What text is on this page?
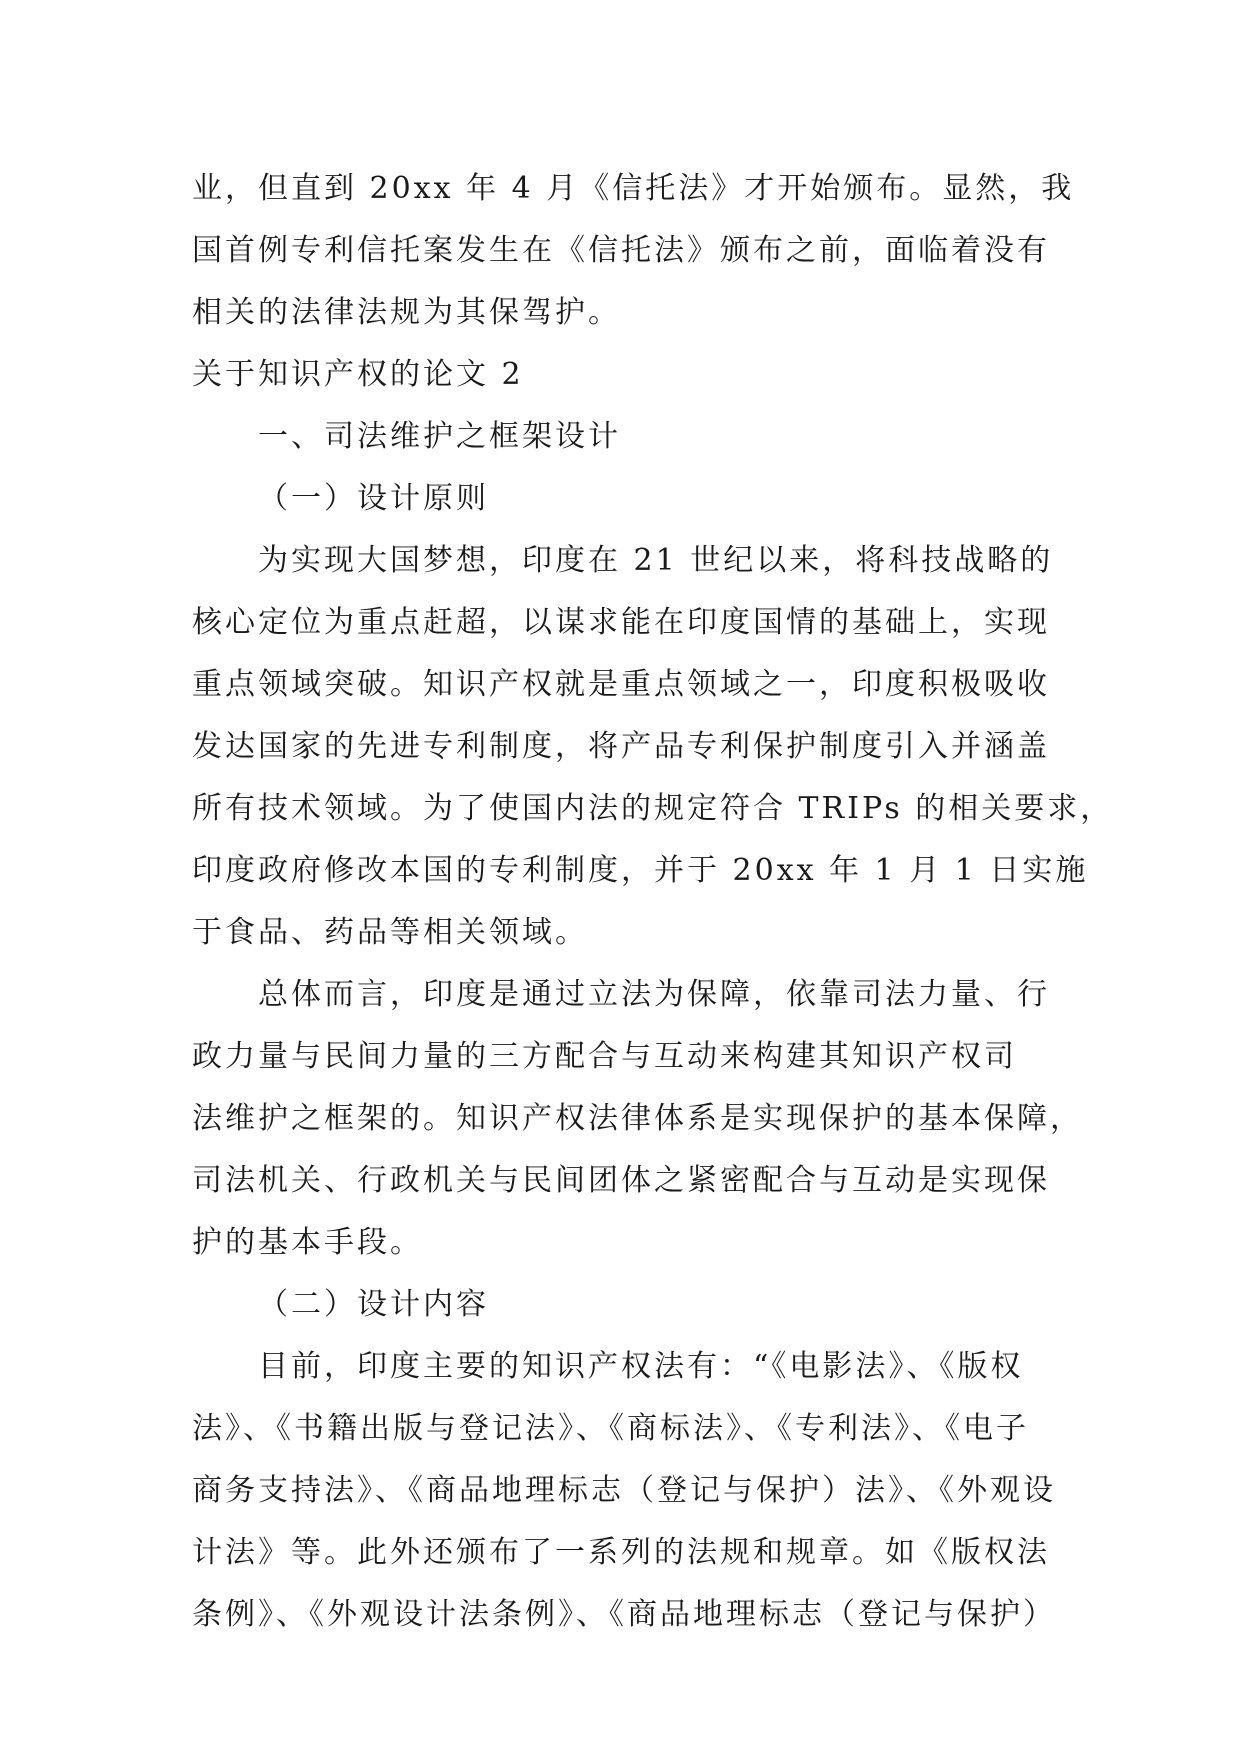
业，但直到 20xx 年 4 月《信托法》才开始颁布。显然，我
国首例专利信托案发生在《信托法》颁布之前，面临着没有
相关的法律法规为其保驾护。
关于知识产权的论文 2
一、司法维护之框架设计
（一）设计原则
为实现大国梦想，印度在 21 世纪以来，将科技战略的
核心定位为重点赶超，以谋求能在印度国情的基础上，实现
重点领域突破。知识产权就是重点领域之一，印度积极吸收
发达国家的先进专利制度，将产品专利保护制度引入并涵盖
所有技术领域。为了使国内法的规定符合 TRIPs 的相关要求，
印度政府修改本国的专利制度，并于 20xx 年 1 月 1 日实施
于食品、药品等相关领域。
总体而言，印度是通过立法为保障，依靠司法力量、行
政力量与民间力量的三方配合与互动来构建其知识产权司
法维护之框架的。知识产权法律体系是实现保护的基本保障，
司法机关、行政机关与民间团体之紧密配合与互动是实现保
护的基本手段。
（二）设计内容
目前，印度主要的知识产权法有：“《电影法》、《版权
法》、《书籍出版与登记法》、《商标法》、《专利法》、《电子
商务支持法》、《商品地理标志（登记与保护）法》、《外观设
计法》等。此外还颁布了一系列的法规和规章。如《版权法
条例》、《外观设计法条例》、《商品地理标志（登记与保护）
